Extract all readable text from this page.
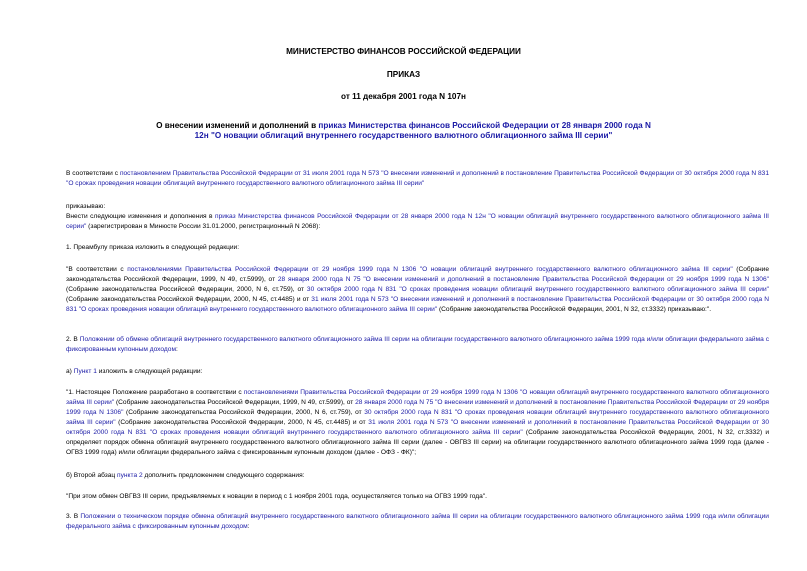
МИНИСТЕРСТВО ФИНАНСОВ РОССИЙСКОЙ ФЕДЕРАЦИИ
ПРИКАЗ
от 11 декабря 2001 года N 107н
О внесении изменений и дополнений в приказ Министерства финансов Российской Федерации от 28 января 2000 года N 12н "О новации облигаций внутреннего государственного валютного облигационного займа III серии"
В соответствии с постановлением Правительства Российской Федерации от 31 июля 2001 года N 573 "О внесении изменений и дополнений в постановление Правительства Российской Федерации от 30 октября 2000 года N 831 "О сроках проведения новации облигаций внутреннего государственного валютного облигационного займа III серии"
приказываю:
Внести следующие изменения и дополнения в приказ Министерства финансов Российской Федерации от 28 января 2000 года N 12н "О новации облигаций внутреннего государственного валютного облигационного займа III серии" (зарегистрирован в Минюсте России 31.01.2000, регистрационный N 2068):
1. Преамбулу приказа изложить в следующей редакции:
"В соответствии с постановлениями Правительства Российской Федерации от 29 ноября 1999 года N 1306 "О новации облигаций внутреннего государственного валютного облигационного займа III серии" (Собрание законодательства Российской Федерации, 1999, N 49, ст.5999), от 28 января 2000 года N 75 "О внесении изменений и дополнений в постановление Правительства Российской Федерации от 29 ноября 1999 года N 1306" (Собрание законодательства Российской Федерации, 2000, N 6, ст.759), от 30 октября 2000 года N 831 "О сроках проведения новации облигаций внутреннего государственного валютного облигационного займа III серии" (Собрание законодательства Российской Федерации, 2000, N 45, ст.4485) и от 31 июля 2001 года N 573 "О внесении изменений и дополнений в постановление Правительства Российской Федерации от 30 октября 2000 года N 831 "О сроках проведения новации облигаций внутреннего государственного валютного облигационного займа III серии" (Собрание законодательства Российской Федерации, 2001, N 32, ст.3332) приказываю:".
2. В Положении об обмене облигаций внутреннего государственного валютного облигационного займа III серии на облигации государственного валютного облигационного займа 1999 года и/или облигации федерального займа с фиксированным купонным доходом:
а) Пункт 1 изложить в следующей редакции:
"1. Настоящее Положение разработано в соответствии с постановлениями Правительства Российской Федерации от 29 ноября 1999 года N 1306 "О новации облигаций внутреннего государственного валютного облигационного займа III серии" (Собрание законодательства Российской Федерации, 1999, N 49, ст.5999), от 28 января 2000 года N 75 "О внесении изменений и дополнений в постановление Правительства Российской Федерации от 29 ноября 1999 года N 1306" (Собрание законодательства Российской Федерации, 2000, N 6, ст.759), от 30 октября 2000 года N 831 "О сроках проведения новации облигаций внутреннего государственного валютного облигационного займа III серии" (Собрание законодательства Российской Федерации, 2000, N 45, ст.4485) и от 31 июля 2001 года N 573 "О внесении изменений и дополнений в постановление Правительства Российской Федерации от 30 октября 2000 года N 831 "О сроках проведения новации облигаций внутреннего государственного валютного облигационного займа III серии" (Собрание законодательства Российской Федерации, 2001, N 32, ст.3332) и определяет порядок обмена облигаций внутреннего государственного валютного облигационного займа III серии (далее - ОВГВЗ III серии) на облигации государственного валютного облигационного займа 1999 года (далее - ОГВЗ 1999 года) и/или облигации федерального займа с фиксированным купонным доходом (далее - ОФЗ - ФК)";
б) Второй абзац пункта 2 дополнить предложением следующего содержания:
"При этом обмен ОВГВЗ III серии, предъявляемых к новации в период с 1 ноября 2001 года, осуществляется только на ОГВЗ 1999 года".
3. В Положении о техническом порядке обмена облигаций внутреннего государственного валютного облигационного займа III серии на облигации государственного валютного облигационного займа 1999 года и/или облигации федерального займа с фиксированным купонным доходом:
